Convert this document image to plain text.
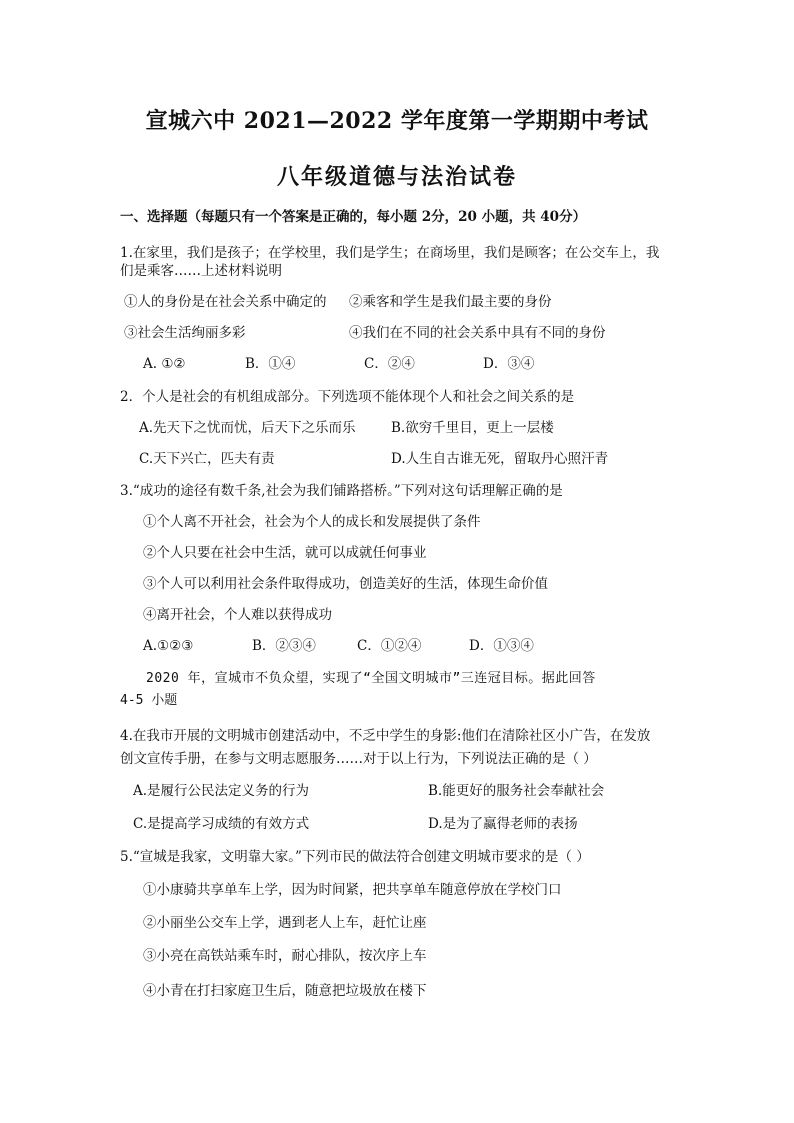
宣城六中 2021—2022 学年度第一学期期中考试
八年级道德与法治试卷
一、选择题（每题只有一个答案是正确的，每小题 2分，20 小题，共 40分）
1.在家里，我们是孩子；在学校里，我们是学生；在商场里，我们是顾客；在公交车上，我
们是乘客……上述材料说明
①人的身份是在社会关系中确定的 ②乘客和学生是我们最主要的身份
③社会生活绚丽多彩	④我们在不同的社会关系中具有不同的身份
A. ①②	B．①④	C．②④	D．③④
2．个人是社会的有机组成部分。下列选项不能体现个人和社会之间关系的是
A.先天下之忧而忧，后天下之乐而乐	B.欲穷千里目，更上一层楼
C.天下兴亡，匹夫有责	D.人生自古谁无死，留取丹心照汗青
3.“成功的途径有数千条,社会为我们铺路搭桥。”下列对这句话理解正确的是
①个人离不开社会，社会为个人的成长和发展提供了条件
②个人只要在社会中生活，就可以成就任何事业
③个人可以利用社会条件取得成功，创造美好的生活，体现生命价值
④离开社会，个人难以获得成功
A.①②③	B．②③④	C．①②④	D．①③④
2020 年，宣城市不负众望，实现了“全国文明城市”三连冠目标。据此回答
4-5 小题
4.在我市开展的文明城市创建活动中，不乏中学生的身影:他们在清除社区小广告，在发放
创文宣传手册，在参与文明志愿服务……对于以上行为，下列说法正确的是（ ）
A.是履行公民法定义务的行为	B.能更好的服务社会奉献社会
C.是提高学习成绩的有效方式	D.是为了赢得老师的表扬
5.“宣城是我家，文明靠大家。”下列市民的做法符合创建文明城市要求的是（ ）
①小康骑共享单车上学，因为时间紧，把共享单车随意停放在学校门口
②小丽坐公交车上学，遇到老人上车，赶忙让座
③小亮在高铁站乘车时，耐心排队，按次序上车
④小青在打扫家庭卫生后，随意把垃圾放在楼下
